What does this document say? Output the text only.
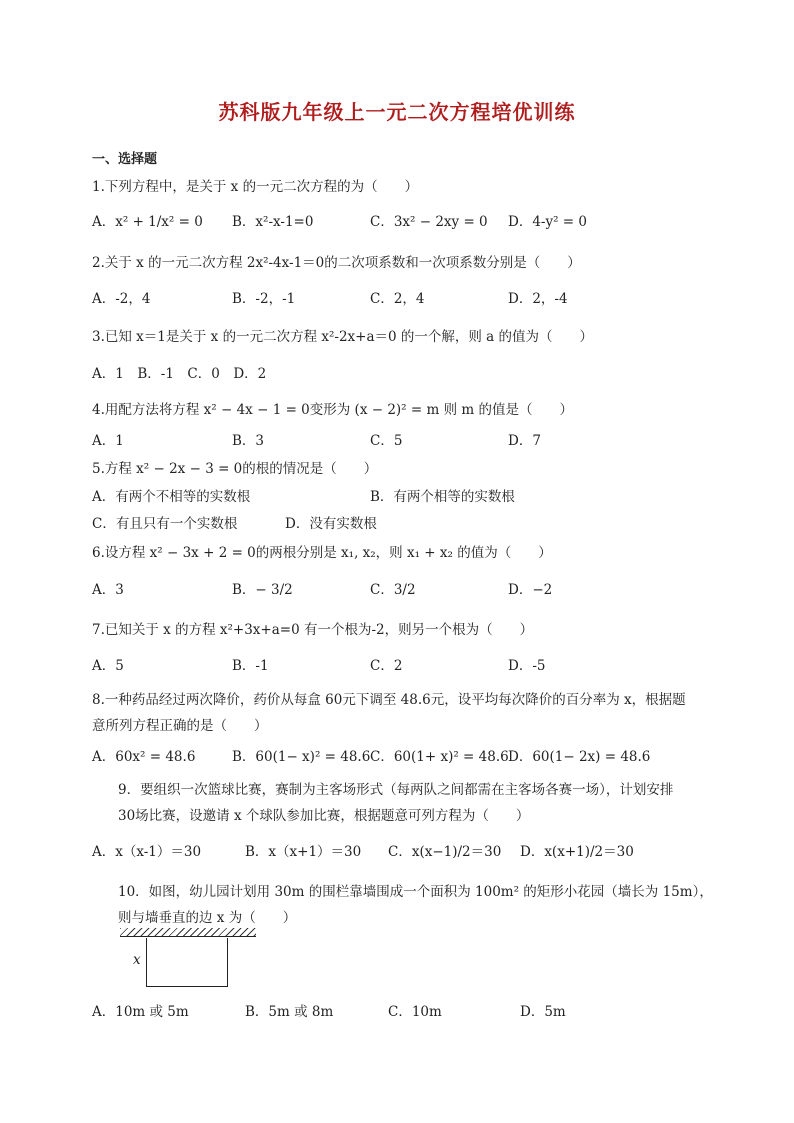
苏科版九年级上一元二次方程培优训练
一、选择题
1.下列方程中，是关于 x 的一元二次方程的为（　　）
A．x² + 1/x² = 0 B．x²-x-1=0	C．3x² − 2xy = 0 D．4-y² = 0
2.关于 x 的一元二次方程 2x²-4x-1＝0的二次项系数和一次项系数分别是（　　）
A．-2，4	B．-2，-1	C．2，4	D．2，-4
3.已知 x＝1是关于 x 的一元二次方程 x²-2x+a＝0 的一个解，则 a 的值为（　　）
A．1　B．-1　C．0　D．2
4.用配方法将方程 x² − 4x − 1 = 0变形为 (x − 2)² = m 则 m 的值是（　　）
A．1	B．3	C．5	D．7
5.方程 x² − 2x − 3 = 0的根的情况是（　　）
A．有两个不相等的实数根	B．有两个相等的实数根
C．有且只有一个实数根	D．没有实数根
6.设方程 x² − 3x + 2 = 0的两根分别是 x₁, x₂，则 x₁ + x₂ 的值为（　　）
A．3	B．− 3/2	C．3/2	D．−2
7.已知关于 x 的方程 x²+3x+a=0 有一个根为-2，则另一个根为（　　）
A．5	B．-1	C．2	D．-5
8.一种药品经过两次降价，药价从每盒 60元下调至 48.6元，设平均每次降价的百分率为 x，根据题
意所列方程正确的是（　　）
A．60x² = 48.6	B．60(1− x)² = 48.6 C．60(1+ x)² = 48.6 D．60(1− 2x) = 48.6
9．要组织一次篮球比赛，赛制为主客场形式（每两队之间都需在主客场各赛一场），计划安排
30场比赛，设邀请 x 个球队参加比赛，根据题意可列方程为（　　）
A．x（x-1）＝30	B．x（x+1）＝30 C．x(x−1)/2＝30 D．x(x+1)/2＝30
10．如图，幼儿园计划用 30m 的围栏靠墙围成一个面积为 100m² 的矩形小花园（墙长为 15m），
则与墙垂直的边 x 为（　　）
x
A．10m 或 5m	B．5m 或 8m	C．10m	D．5m
